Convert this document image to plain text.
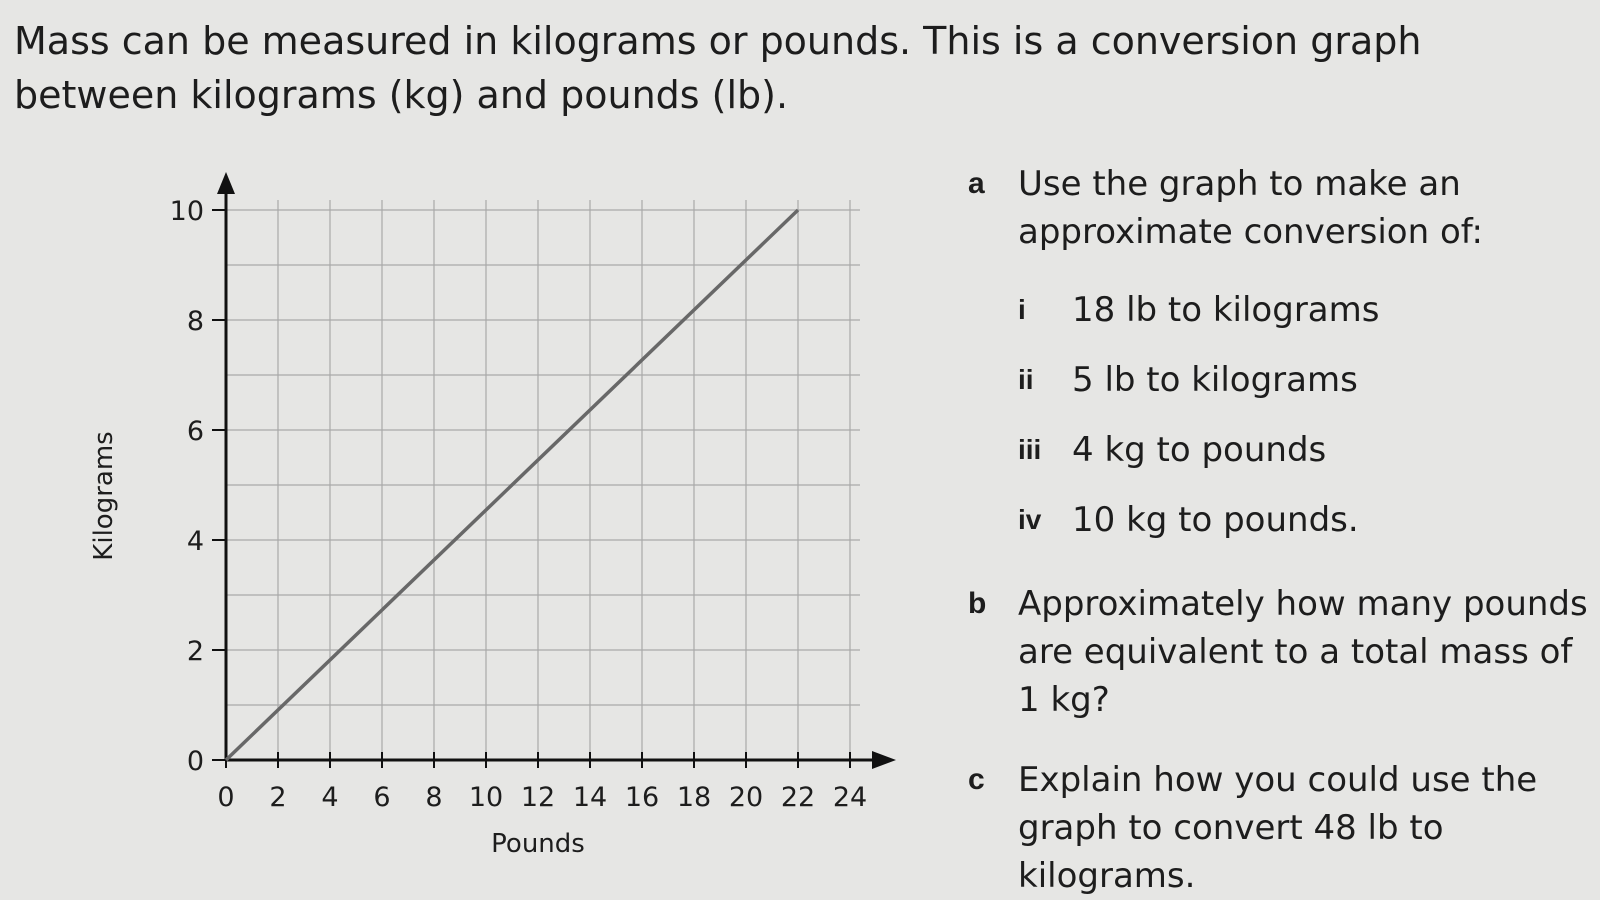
Mass can be measured in kilograms or pounds. This is a conversion graph between kilograms (kg) and pounds (lb).

0 2 4 6 8 10 12 14 16 18 20 22 24
0
2
4
6
8
10
Pounds
Kilograms
a Use the graph to make an approximate conversion of:
i 18 lb to kilograms
ii 5 lb to kilograms
iii 4 kg to pounds
iv 10 kg to pounds.
b Approximately how many pounds are equivalent to a total mass of 1 kg?
c Explain how you could use the graph to convert 48 lb to kilograms.
